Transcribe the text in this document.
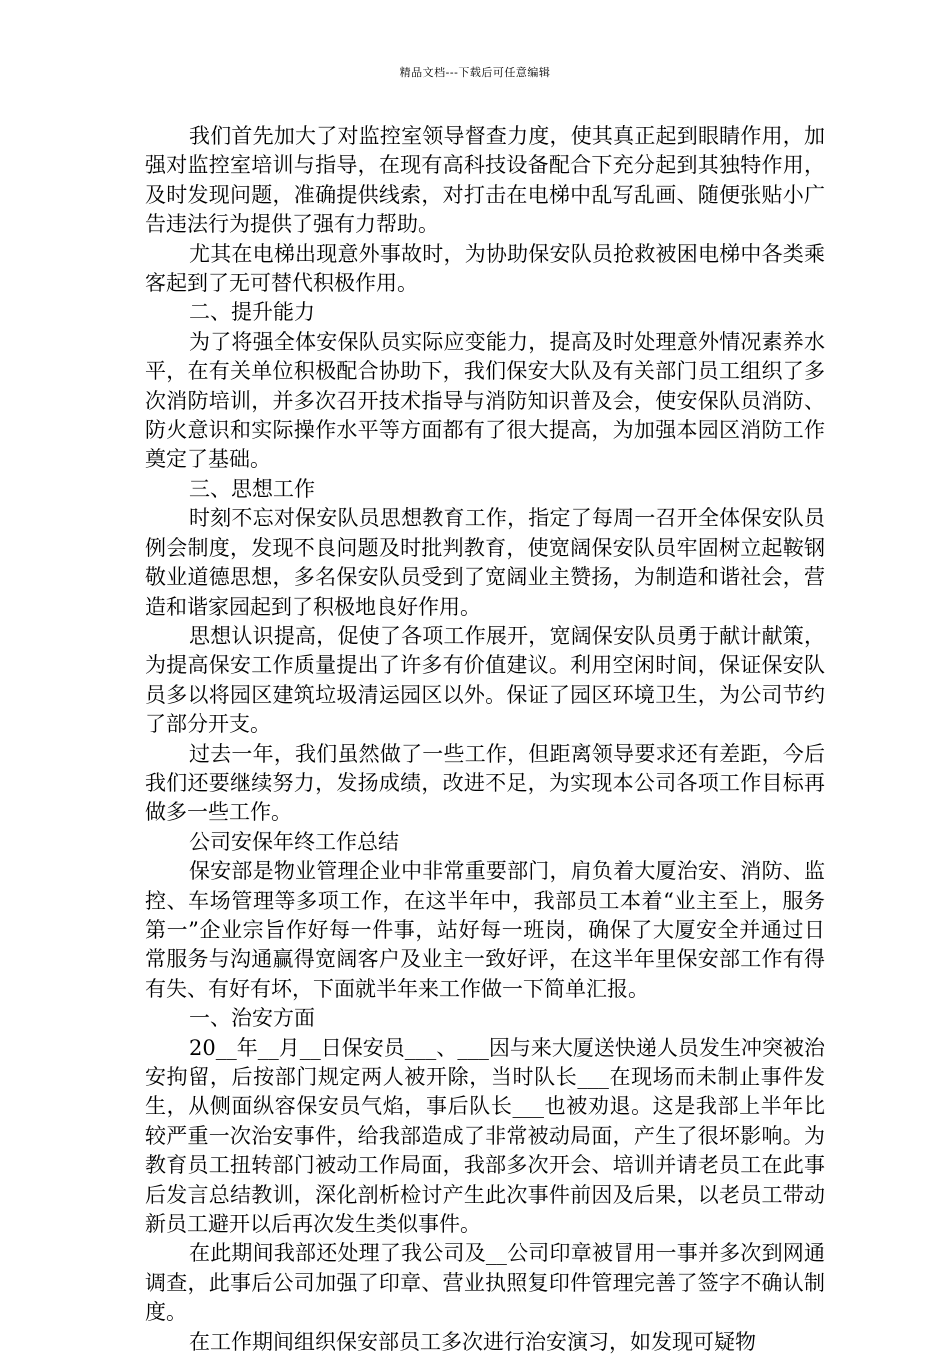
精品文档---下载后可任意编辑

我们首先加大了对监控室领导督查力度，使其真正起到眼睛作用，加强对监控室培训与指导，在现有高科技设备配合下充分起到其独特作用，及时发现问题，准确提供线索，对打击在电梯中乱写乱画、随便张贴小广告违法行为提供了强有力帮助。

尤其在电梯出现意外事故时，为协助保安队员抢救被困电梯中各类乘客起到了无可替代积极作用。

二、提升能力

为了将强全体安保队员实际应变能力，提高及时处理意外情况素养水平，在有关单位积极配合协助下，我们保安大队及有关部门员工组织了多次消防培训，并多次召开技术指导与消防知识普及会，使安保队员消防、防火意识和实际操作水平等方面都有了很大提高，为加强本园区消防工作奠定了基础。

三、思想工作

时刻不忘对保安队员思想教育工作，指定了每周一召开全体保安队员例会制度，发现不良问题及时批判教育，使宽阔保安队员牢固树立起鞍钢敬业道德思想，多名保安队员受到了宽阔业主赞扬，为制造和谐社会，营造和谐家园起到了积极地良好作用。

思想认识提高，促使了各项工作展开，宽阔保安队员勇于献计献策，为提高保安工作质量提出了许多有价值建议。利用空闲时间，保证保安队员多以将园区建筑垃圾清运园区以外。保证了园区环境卫生，为公司节约了部分开支。

过去一年，我们虽然做了一些工作，但距离领导要求还有差距，今后我们还要继续努力，发扬成绩，改进不足，为实现本公司各项工作目标再做多一些工作。

公司安保年终工作总结

保安部是物业管理企业中非常重要部门，肩负着大厦治安、消防、监控、车场管理等多项工作，在这半年中，我部员工本着“业主至上，服务第一”企业宗旨作好每一件事，站好每一班岗，确保了大厦安全并通过日常服务与沟通赢得宽阔客户及业主一致好评，在这半年里保安部工作有得有失、有好有坏，下面就半年来工作做一下简单汇报。

一、治安方面

20__年__月__日保安员___、___因与来大厦送快递人员发生冲突被治安拘留，后按部门规定两人被开除，当时队长___在现场而未制止事件发生，从侧面纵容保安员气焰，事后队长___也被劝退。这是我部上半年比较严重一次治安事件，给我部造成了非常被动局面，产生了很坏影响。为教育员工扭转部门被动工作局面，我部多次开会、培训并请老员工在此事后发言总结教训，深化剖析检讨产生此次事件前因及后果，以老员工带动新员工避开以后再次发生类似事件。

在此期间我部还处理了我公司及__公司印章被冒用一事并多次到网通调查，此事后公司加强了印章、营业执照复印件管理完善了签字不确认制度。

在工作期间组织保安部员工多次进行治安演习，如发现可疑物
